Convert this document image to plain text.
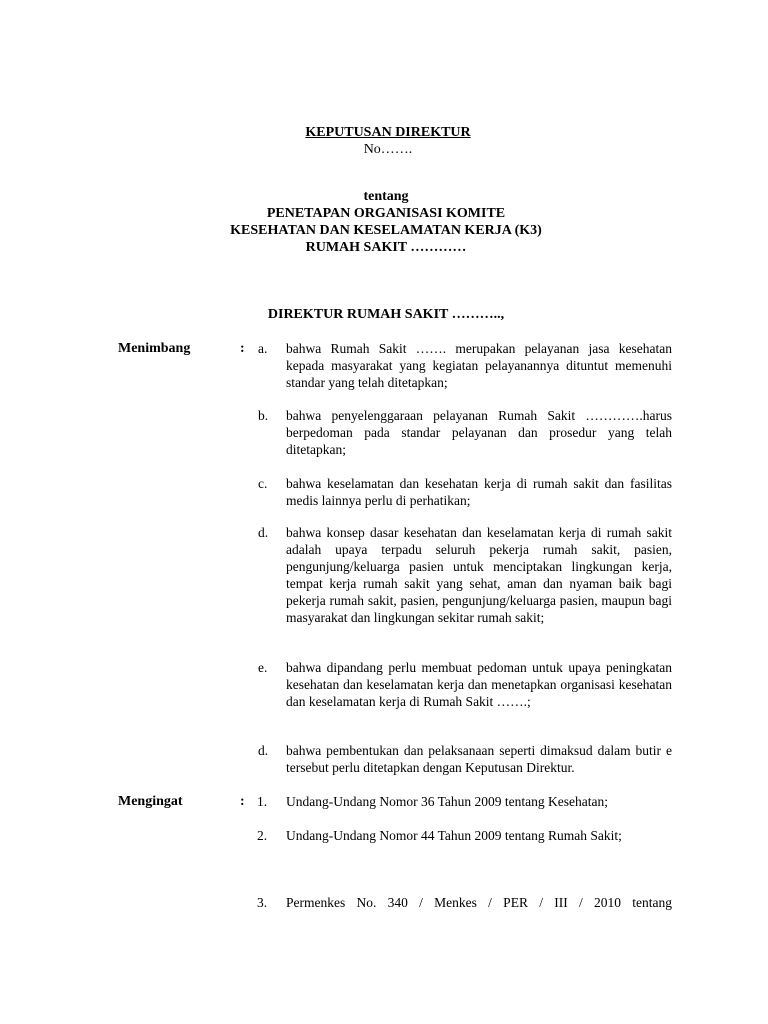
KEPUTUSAN DIREKTUR
No…….
tentang
PENETAPAN ORGANISASI KOMITE
KESEHATAN DAN KESELAMATAN KERJA (K3)
RUMAH SAKIT …………
DIREKTUR RUMAH SAKIT ………..,
Menimbang	: a. bahwa Rumah Sakit ……. merupakan pelayanan jasa kesehatan kepada masyarakat yang kegiatan pelayanannya dituntut memenuhi standar yang telah ditetapkan;
b. bahwa penyelenggaraan pelayanan Rumah Sakit ………….harus berpedoman pada standar pelayanan dan prosedur yang telah ditetapkan;
c. bahwa keselamatan dan kesehatan kerja di rumah sakit dan fasilitas medis lainnya perlu di perhatikan;
d. bahwa konsep dasar kesehatan dan keselamatan kerja di rumah sakit adalah upaya terpadu seluruh pekerja rumah sakit, pasien, pengunjung/keluarga pasien untuk menciptakan lingkungan kerja, tempat kerja rumah sakit yang sehat, aman dan nyaman baik bagi pekerja rumah sakit, pasien, pengunjung/keluarga pasien, maupun bagi masyarakat dan lingkungan sekitar rumah sakit;
e. bahwa dipandang perlu membuat pedoman untuk upaya peningkatan kesehatan dan keselamatan kerja dan menetapkan organisasi kesehatan dan keselamatan kerja di Rumah Sakit …….;
d. bahwa pembentukan dan pelaksanaan seperti dimaksud dalam butir e tersebut perlu ditetapkan dengan Keputusan Direktur.
Mengingat	: 1. Undang-Undang Nomor 36 Tahun 2009 tentang Kesehatan;
2. Undang-Undang Nomor 44 Tahun 2009 tentang Rumah Sakit;
3. Permenkes No. 340 / Menkes / PER / III / 2010 tentang
